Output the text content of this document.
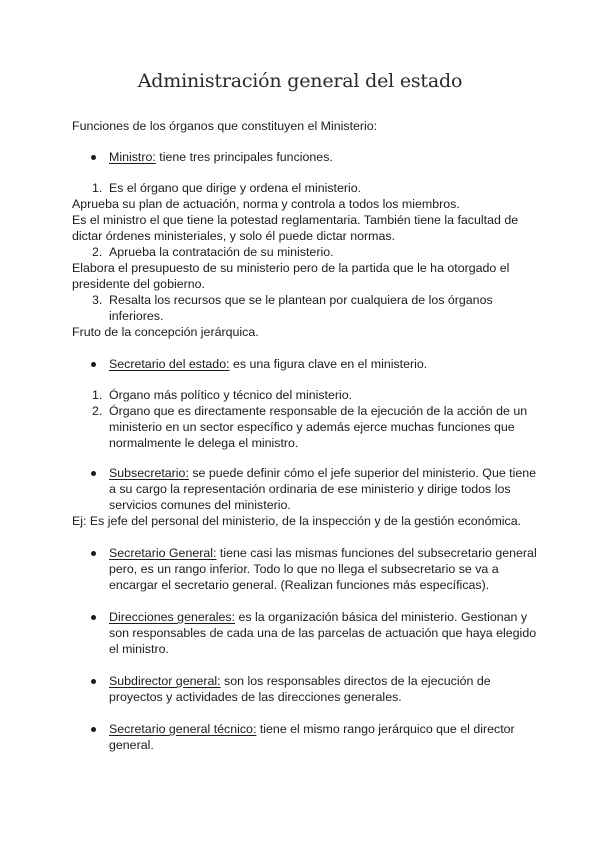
Administración general del estado
Funciones de los órganos que constituyen el Ministerio:
Ministro: tiene tres principales funciones.
1. Es el órgano que dirige y ordena el ministerio.
Aprueba su plan de actuación, norma y controla a todos los miembros.
Es el ministro el que tiene la potestad reglamentaria. También tiene la facultad de
dictar órdenes ministeriales, y solo él puede dictar normas.
2. Aprueba la contratación de su ministerio.
Elabora el presupuesto de su ministerio pero de la partida que le ha otorgado el
presidente del gobierno.
3. Resalta los recursos que se le plantean por cualquiera de los órganos
inferiores.
Fruto de la concepción jerárquica.
Secretario del estado: es una figura clave en el ministerio.
1. Órgano más político y técnico del ministerio.
2. Órgano que es directamente responsable de la ejecución de la acción de un
ministerio en un sector específico y además ejerce muchas funciones que
normalmente le delega el ministro.
Subsecretario: se puede definir cómo el jefe superior del ministerio. Que tiene
a su cargo la representación ordinaria de ese ministerio y dirige todos los
servicios comunes del ministerio.
Ej: Es jefe del personal del ministerio, de la inspección y de la gestión económica.
Secretario General: tiene casi las mismas funciones del subsecretario general
pero, es un rango inferior. Todo lo que no llega el subsecretario se va a
encargar el secretario general. (Realizan funciones más específicas).
Direcciones generales: es la organización básica del ministerio. Gestionan y
son responsables de cada una de las parcelas de actuación que haya elegido
el ministro.
Subdirector general: son los responsables directos de la ejecución de
proyectos y actividades de las direcciones generales.
Secretario general técnico: tiene el mismo rango jerárquico que el director
general.
